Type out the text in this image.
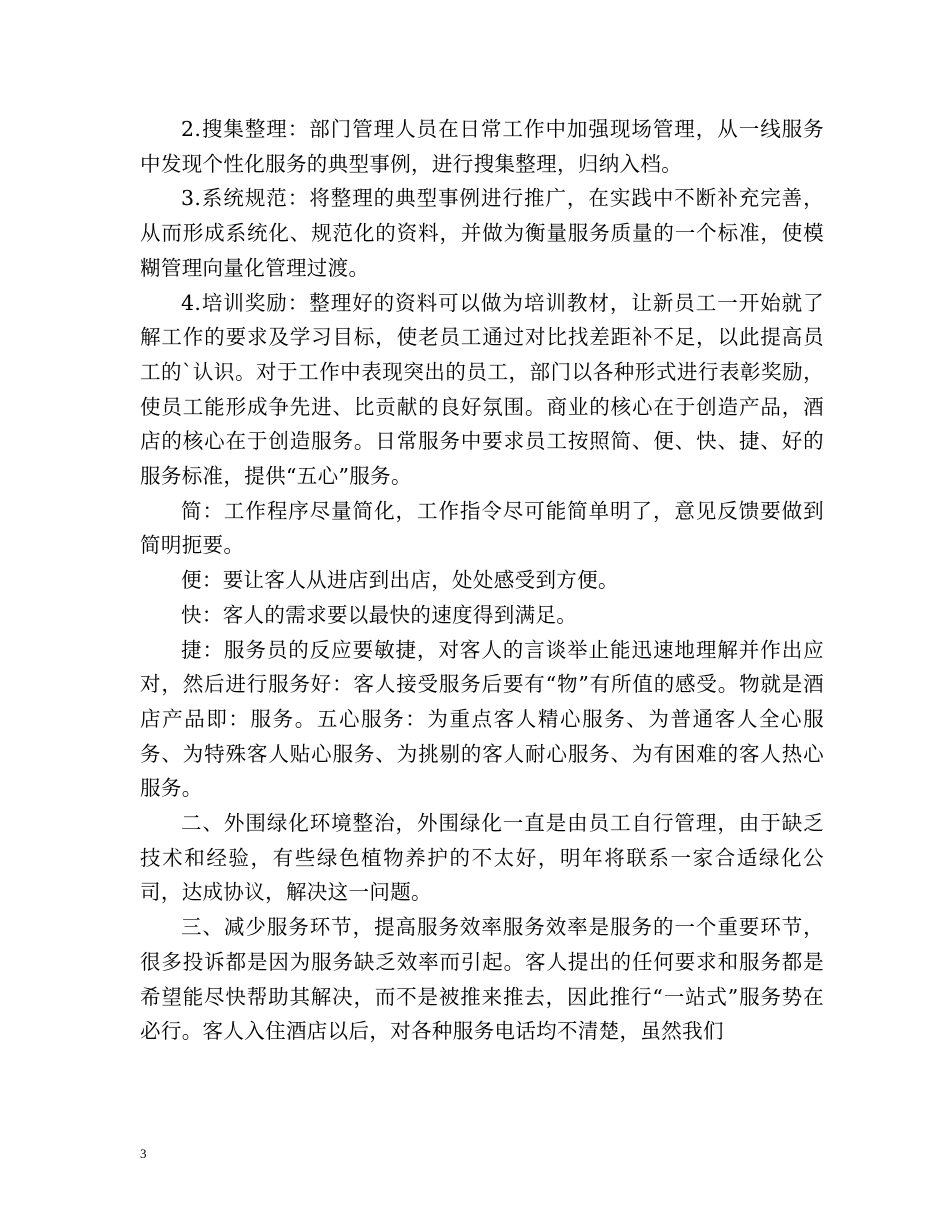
2.搜集整理：部门管理人员在日常工作中加强现场管理，从一线服务中发现个性化服务的典型事例，进行搜集整理，归纳入档。

3.系统规范：将整理的典型事例进行推广，在实践中不断补充完善，从而形成系统化、规范化的资料，并做为衡量服务质量的一个标准，使模糊管理向量化管理过渡。

4.培训奖励：整理好的资料可以做为培训教材，让新员工一开始就了解工作的要求及学习目标，使老员工通过对比找差距补不足，以此提高员工的`认识。对于工作中表现突出的员工，部门以各种形式进行表彰奖励，使员工能形成争先进、比贡献的良好氛围。商业的核心在于创造产品，酒店的核心在于创造服务。日常服务中要求员工按照简、便、快、捷、好的服务标准，提供“五心”服务。

简：工作程序尽量简化，工作指令尽可能简单明了，意见反馈要做到简明扼要。

便：要让客人从进店到出店，处处感受到方便。

快：客人的需求要以最快的速度得到满足。

捷：服务员的反应要敏捷，对客人的言谈举止能迅速地理解并作出应对，然后进行服务好：客人接受服务后要有“物”有所值的感受。物就是酒店产品即：服务。五心服务：为重点客人精心服务、为普通客人全心服务、为特殊客人贴心服务、为挑剔的客人耐心服务、为有困难的客人热心服务。

二、外围绿化环境整治，外围绿化一直是由员工自行管理，由于缺乏技术和经验，有些绿色植物养护的不太好，明年将联系一家合适绿化公司，达成协议，解决这一问题。

三、减少服务环节，提高服务效率服务效率是服务的一个重要环节，很多投诉都是因为服务缺乏效率而引起。客人提出的任何要求和服务都是希望能尽快帮助其解决，而不是被推来推去，因此推行“一站式”服务势在必行。客人入住酒店以后，对各种服务电话均不清楚，虽然我们

3
